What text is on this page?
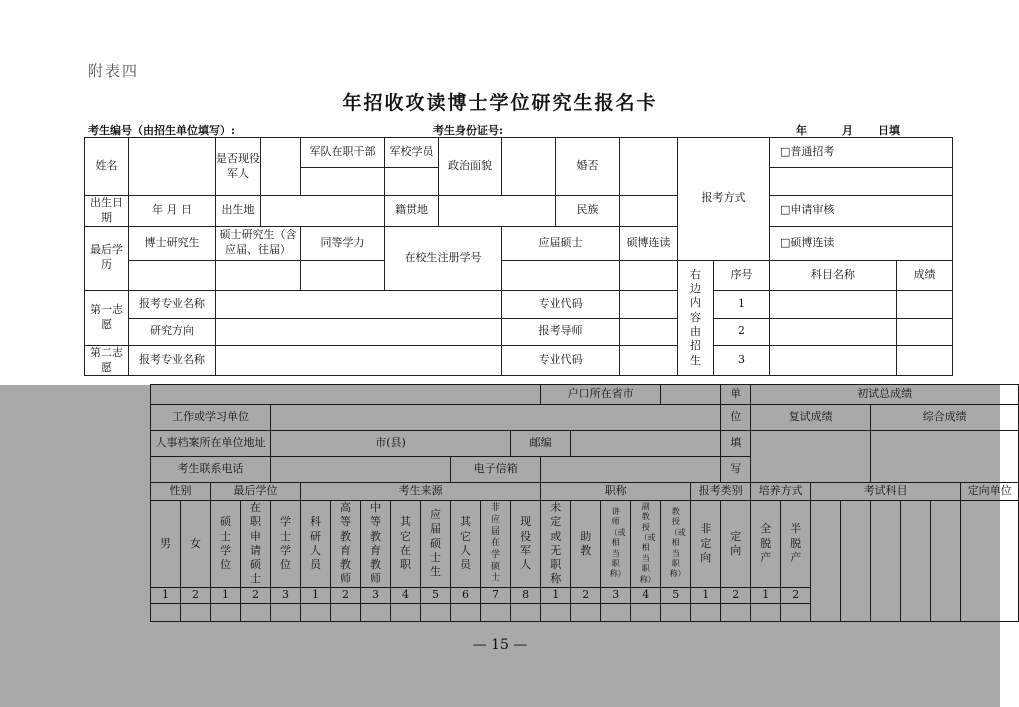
附表四
年招收攻读博士学位研究生报名卡
考生编号（由招生单位填写）:	考生身份证号:	年	月 日填
姓名		是否现役军人		军队在职干部	军校学员	政治面貌		婚否		报考方式		□普通招考	

出生日期	年 月 日	出生地			籍贯地			民族				□申请审核	
最后学历	博士研究生	硕士研究生（含应届、往届）		同等学力	在校生注册学号		应届硕士		硕博连读			□硕博连读	
										右边内容由招生	序号	科目名称	成绩
第一志愿	报考专业名称						专业代码				1		
	研究方向						报考导师				2		
第二志愿	报考专业名称						专业代码				3		
													户口所在省市						单	初试总成绩							
工作或学习单位																			位	复试成绩				综合成绩			
人事档案所在单位地址				市(县)								邮编							填								
考生联系电话										电子信箱									写								
性别		最后学位			考生来源								职称					报考类别		培养方式		考试科目					定向单位
男	女	硕士学位	在职申请硕士	学士学位	科研人员	高等教育教师	中等教育教师	其它在职	应届硕士生	其它人员	非应届在学硕士	现役军人	未定或无职称	助教	讲师（或相当职称）	副教授（或相当职称）	教授（或相当职称）	非定向	定向	全脱产	半脱产						
1	2	1	2	3	1	2	3	4	5	6	7	8	1	2	3	4	5	1	2	1	2						

— 15 —
